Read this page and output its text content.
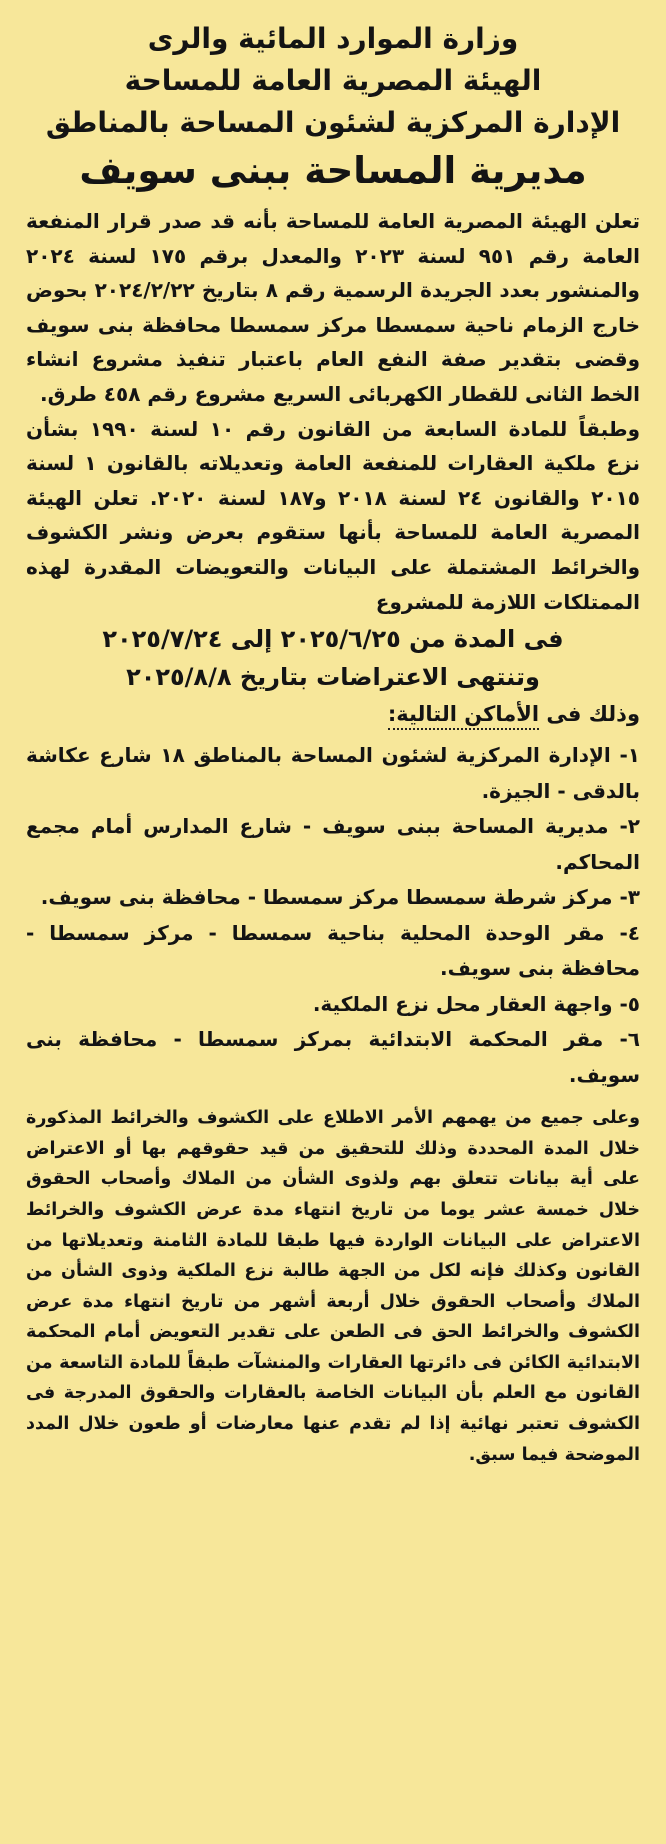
وزارة الموارد المائية والرى
الهيئة المصرية العامة للمساحة
الإدارة المركزية لشئون المساحة بالمناطق
مديرية المساحة ببنى سويف

تعلن الهيئة المصرية العامة للمساحة بأنه قد صدر قرار المنفعة العامة رقم ٩٥١ لسنة ٢٠٢٣ والمعدل برقم ١٧٥ لسنة ٢٠٢٤ والمنشور بعدد الجريدة الرسمية رقم ٨ بتاريخ ٢٠٢٤/٢/٢٢ بحوض خارج الزمام ناحية سمسطا مركز سمسطا محافظة بنى سويف وقضى بتقدير صفة النفع العام باعتبار تنفيذ مشروع انشاء الخط الثانى للقطار الكهربائى السريع مشروع رقم ٤٥٨ طرق.

وطبقاً للمادة السابعة من القانون رقم ١٠ لسنة ١٩٩٠ بشأن نزع ملكية العقارات للمنفعة العامة وتعديلاته بالقانون ١ لسنة ٢٠١٥ والقانون ٢٤ لسنة ٢٠١٨ و١٨٧ لسنة ٢٠٢٠. تعلن الهيئة المصرية العامة للمساحة بأنها ستقوم بعرض ونشر الكشوف والخرائط المشتملة على البيانات والتعويضات المقدرة لهذه الممتلكات اللازمة للمشروع

فى المدة من ٢٠٢٥/٦/٢٥ إلى ٢٠٢٥/٧/٢٤
وتنتهى الاعتراضات بتاريخ ٢٠٢٥/٨/٨
وذلك فى الأماكن التالية:
١- الإدارة المركزية لشئون المساحة بالمناطق ١٨ شارع عكاشة بالدقى - الجيزة.
٢- مديرية المساحة ببنى سويف - شارع المدارس أمام مجمع المحاكم.
٣- مركز شرطة سمسطا مركز سمسطا - محافظة بنى سويف.
٤- مقر الوحدة المحلية بناحية سمسطا - مركز سمسطا - محافظة بنى سويف.
٥- واجهة العقار محل نزع الملكية.
٦- مقر المحكمة الابتدائية بمركز سمسطا - محافظة بنى سويف.

وعلى جميع من يهمهم الأمر الاطلاع على الكشوف والخرائط المذكورة خلال المدة المحددة وذلك للتحقيق من قيد حقوقهم بها أو الاعتراض على أية بيانات تتعلق بهم ولذوى الشأن من الملاك وأصحاب الحقوق خلال خمسة عشر يوما من تاريخ انتهاء مدة عرض الكشوف والخرائط الاعتراض على البيانات الواردة فيها طبقا للمادة الثامنة وتعديلاتها من القانون وكذلك فإنه لكل من الجهة طالبة نزع الملكية وذوى الشأن من الملاك وأصحاب الحقوق خلال أربعة أشهر من تاريخ انتهاء مدة عرض الكشوف والخرائط الحق فى الطعن على تقدير التعويض أمام المحكمة الابتدائية الكائن فى دائرتها العقارات والمنشآت طبقاً للمادة التاسعة من القانون مع العلم بأن البيانات الخاصة بالعقارات والحقوق المدرجة فى الكشوف تعتبر نهائية إذا لم تقدم عنها معارضات أو طعون خلال المدد الموضحة فيما سبق.
